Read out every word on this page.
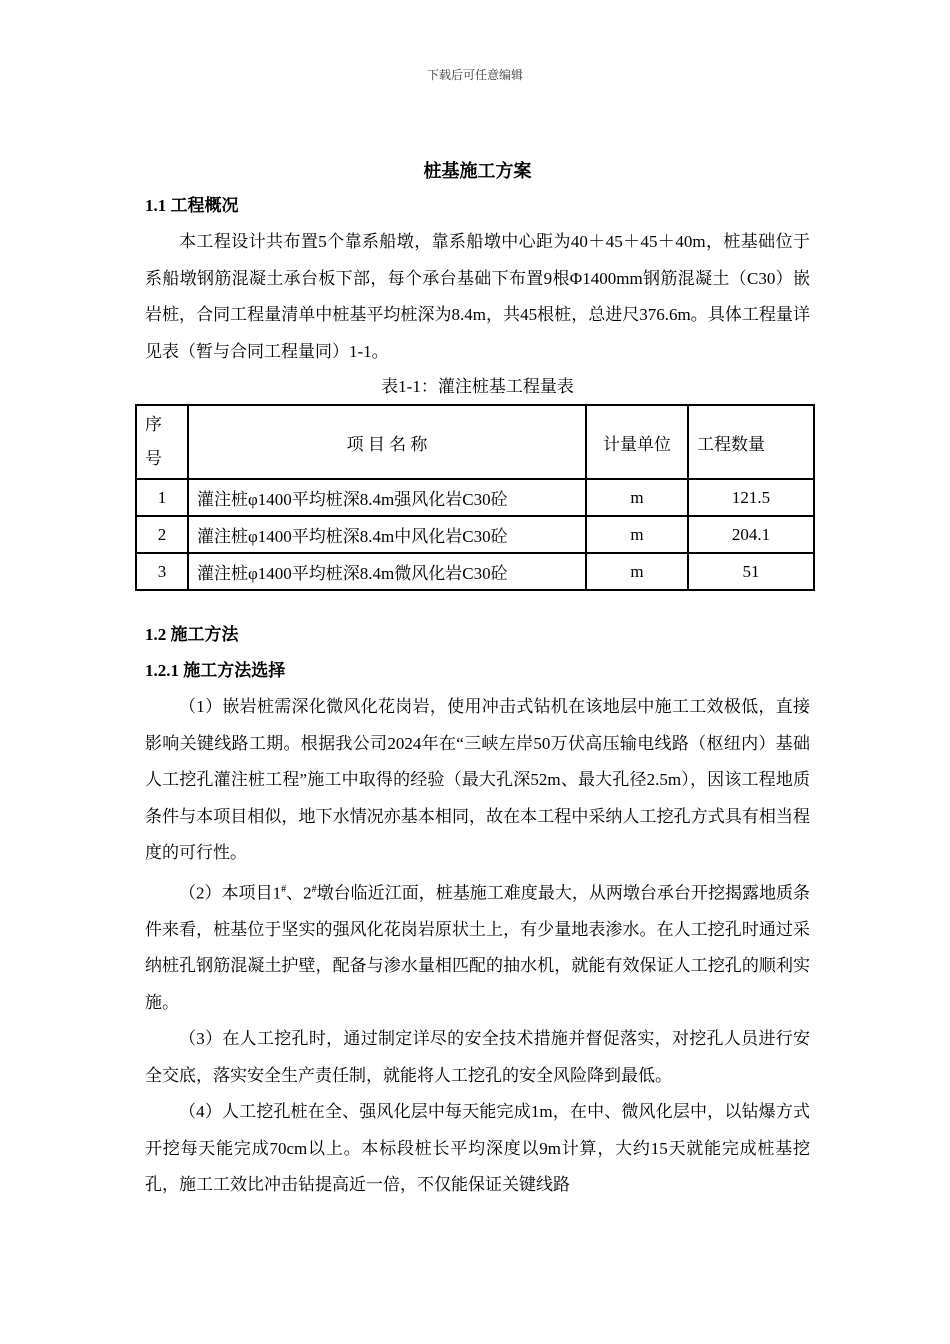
下载后可任意编辑
桩基施工方案
1.1 工程概况

本工程设计共布置5个靠系船墩，靠系船墩中心距为40＋45＋45＋40m，桩基础位于系船墩钢筋混凝土承台板下部，每个承台基础下布置9根Φ1400mm钢筋混凝土（C30）嵌岩桩，合同工程量清单中桩基平均桩深为8.4m，共45根桩，总进尺376.6m。具体工程量详见表（暂与合同工程量同）1-1。

表1-1：灌注桩基工程量表
序
号	项 目 名 称	计量单位	工程数量
1	灌注桩φ1400平均桩深8.4m强风化岩C30砼	m	121.5
2	灌注桩φ1400平均桩深8.4m中风化岩C30砼	m	204.1
3	灌注桩φ1400平均桩深8.4m微风化岩C30砼	m	51
1.2 施工方法
1.2.1 施工方法选择

（1）嵌岩桩需深化微风化花岗岩，使用冲击式钻机在该地层中施工工效极低，直接影响关键线路工期。根据我公司2024年在“三峡左岸50万伏高压输电线路（枢纽内）基础人工挖孔灌注桩工程”施工中取得的经验（最大孔深52m、最大孔径2.5m），因该工程地质条件与本项目相似，地下水情况亦基本相同，故在本工程中采纳人工挖孔方式具有相当程度的可行性。

（2）本项目1#、2#墩台临近江面，桩基施工难度最大，从两墩台承台开挖揭露地质条件来看，桩基位于坚实的强风化花岗岩原状土上，有少量地表渗水。在人工挖孔时通过采纳桩孔钢筋混凝土护壁，配备与渗水量相匹配的抽水机，就能有效保证人工挖孔的顺利实施。

（3）在人工挖孔时，通过制定详尽的安全技术措施并督促落实，对挖孔人员进行安全交底，落实安全生产责任制，就能将人工挖孔的安全风险降到最低。

（4）人工挖孔桩在全、强风化层中每天能完成1m，在中、微风化层中，以钻爆方式开挖每天能完成70cm以上。本标段桩长平均深度以9m计算，大约15天就能完成桩基挖孔，施工工效比冲击钻提高近一倍，不仅能保证关键线路
